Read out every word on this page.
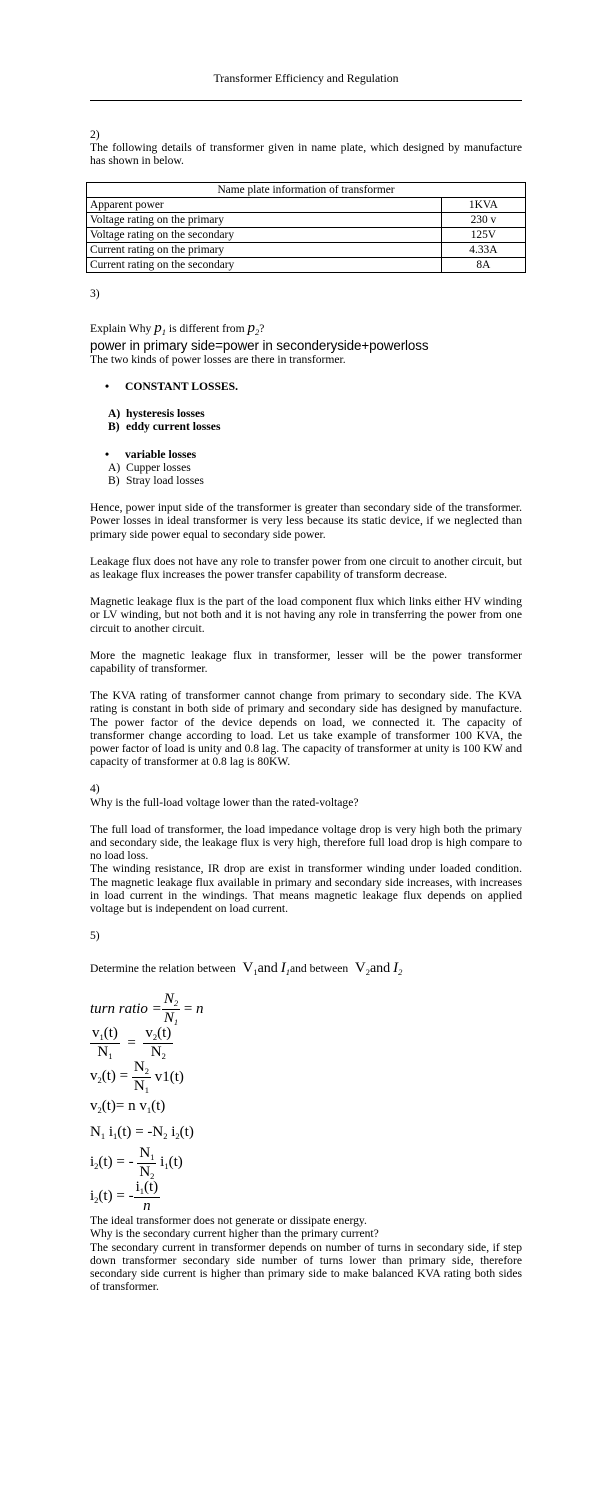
Transformer Efficiency and Regulation

2)

The following details of transformer given in name plate, which designed by manufacture has shown in below.

Name plate information of transformer	
Apparent power	1KVA
Voltage rating on the primary	230 v
Voltage rating on the secondary	125V
Current rating on the primary	4.33A
Current rating on the secondary	8A

3)

Explain Why $p_1$ is different from $p_2$?

power in primary side=power in seconderyside+powerloss

The two kinds of power losses are there in transformer.

• CONSTANT LOSSES.
A) hysteresis losses
B) eddy current losses
• variable losses
A) Cupper losses
B) Stray load losses

Hence, power input side of the transformer is greater than secondary side of the transformer. Power losses in ideal transformer is very less because its static device, if we neglected than primary side power equal to secondary side power.

Leakage flux does not have any role to transfer power from one circuit to another circuit, but as leakage flux increases the power transfer capability of transform decrease.

Magnetic leakage flux is the part of the load component flux which links either HV winding or LV winding, but not both and it is not having any role in transferring the power from one circuit to another circuit.

More the magnetic leakage flux in transformer, lesser will be the power transformer capability of transformer.

The KVA rating of transformer cannot change from primary to secondary side. The KVA rating is constant in both side of primary and secondary side has designed by manufacture. The power factor of the device depends on load, we connected it. The capacity of transformer change according to load. Let us take example of transformer 100 KVA, the power factor of load is unity and 0.8 lag. The capacity of transformer at unity is 100 KW and capacity of transformer at 0.8 lag is 80KW.

4)

Why is the full-load voltage lower than the rated-voltage?

The full load of transformer, the load impedance voltage drop is very high both the primary and secondary side, the leakage flux is very high, therefore full load drop is high compare to no load loss.

The winding resistance, IR drop are exist in transformer winding under loaded condition. The magnetic leakage flux available in primary and secondary side increases, with increases in load current in the windings. That means magnetic leakage flux depends on applied voltage but is independent on load current.

5)

Determine the relation between  $V_1and$ $I_1and$ between  $V_2and$ $I_2$

turn ratio = $\frac{N_2}{N_1} = n$
$\frac{v_1(t)}{N_1} = \frac{v_2(t)}{N_2}$
$v_2(t) = \frac{N_2}{N_1} v1(t)$
$v_2(t)= n$ $v_1(t)$
$N_1$ $i_1(t) = -N_2$ $i_2(t)$
$i_2(t)$ = - $\frac{N_1}{N_2} i_1(t)$
$i_2(t)$ = - $\frac{i_1(t)}{n}$

The ideal transformer does not generate or dissipate energy.

Why is the secondary current higher than the primary current?

The secondary current in transformer depends on number of turns in secondary side, if step down transformer secondary side number of turns lower than primary side, therefore secondary side current is higher than primary side to make balanced KVA rating both sides of transformer.
